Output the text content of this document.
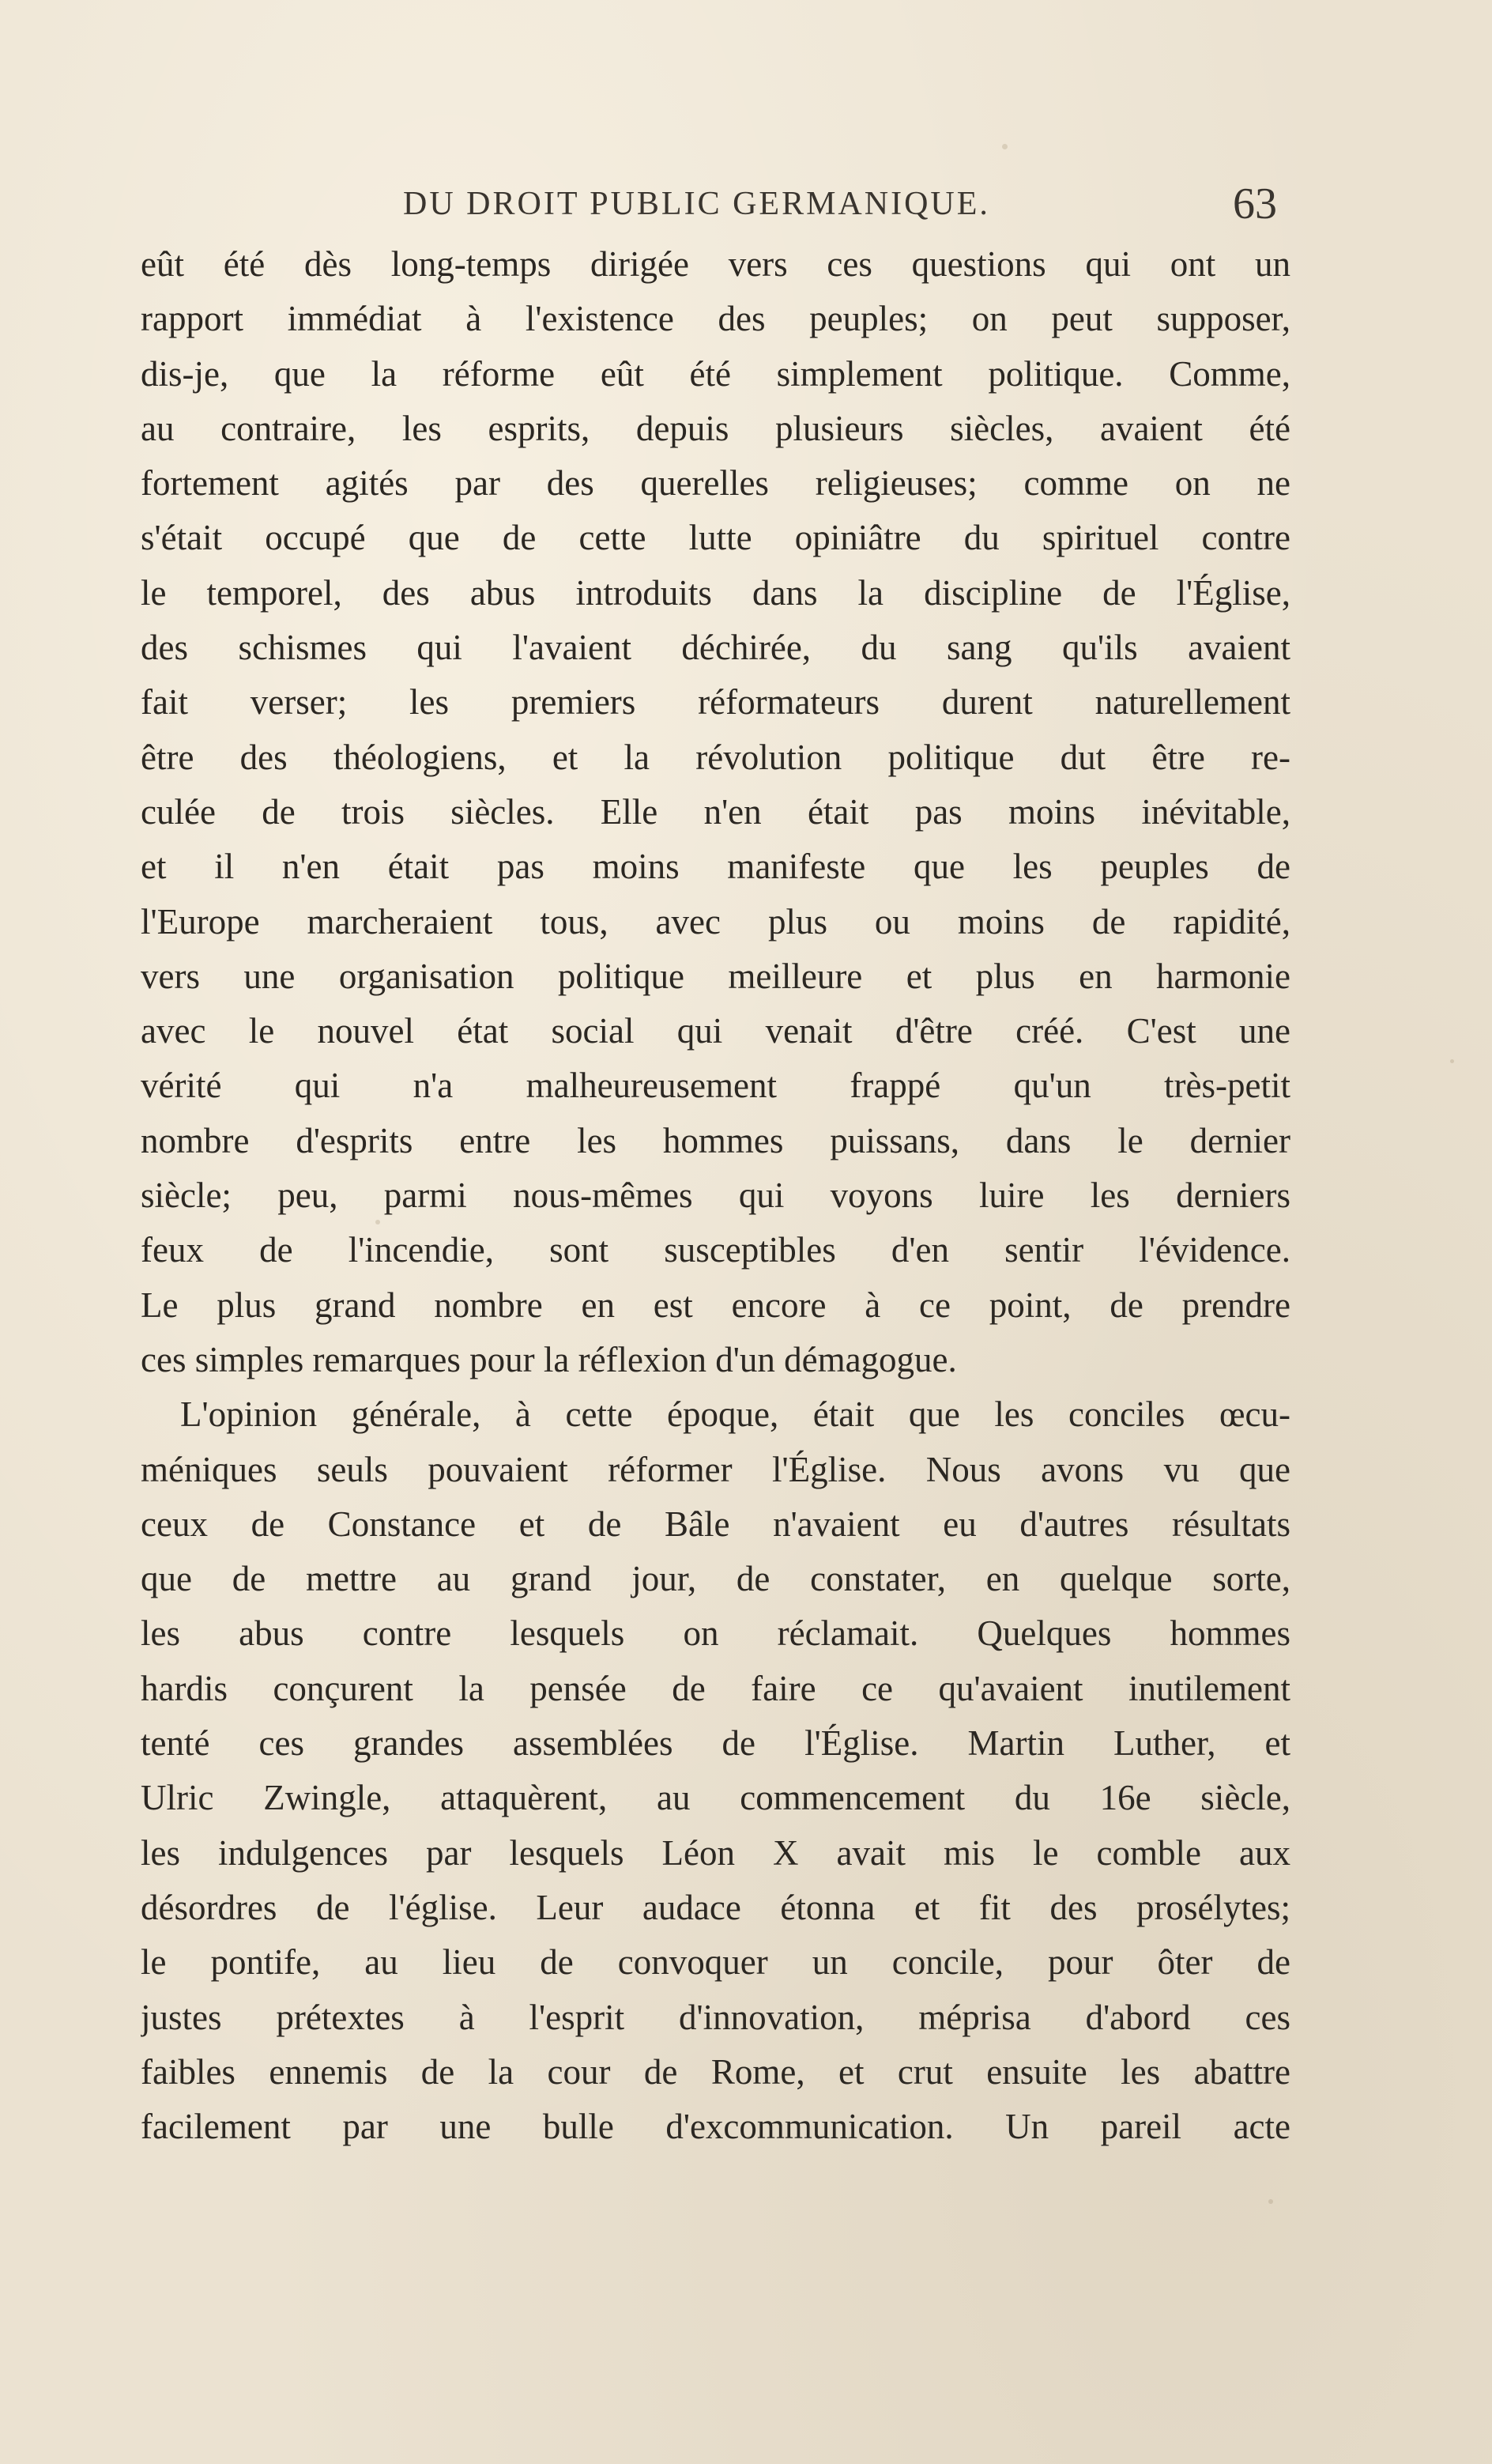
DU DROIT PUBLIC GERMANIQUE.	63
eût été dès long-temps dirigée vers ces questions qui ont un
rapport immédiat à l'existence des peuples; on peut supposer,
dis-je, que la réforme eût été simplement politique. Comme,
au contraire, les esprits, depuis plusieurs siècles, avaient été
fortement agités par des querelles religieuses; comme on ne
s'était occupé que de cette lutte opiniâtre du spirituel contre
le temporel, des abus introduits dans la discipline de l'Église,
des schismes qui l'avaient déchirée, du sang qu'ils avaient
fait verser; les premiers réformateurs durent naturellement
être des théologiens, et la révolution politique dut être re-
culée de trois siècles. Elle n'en était pas moins inévitable,
et il n'en était pas moins manifeste que les peuples de
l'Europe marcheraient tous, avec plus ou moins de rapidité,
vers une organisation politique meilleure et plus en harmonie
avec le nouvel état social qui venait d'être créé. C'est une
vérité qui n'a malheureusement frappé qu'un très-petit
nombre d'esprits entre les hommes puissans, dans le dernier
siècle; peu, parmi nous-mêmes qui voyons luire les derniers
feux de l'incendie, sont susceptibles d'en sentir l'évidence.
Le plus grand nombre en est encore à ce point, de prendre
ces simples remarques pour la réflexion d'un démagogue.
L'opinion générale, à cette époque, était que les conciles œcu-
méniques seuls pouvaient réformer l'Église. Nous avons vu que
ceux de Constance et de Bâle n'avaient eu d'autres résultats
que de mettre au grand jour, de constater, en quelque sorte,
les abus contre lesquels on réclamait. Quelques hommes
hardis conçurent la pensée de faire ce qu'avaient inutilement
tenté ces grandes assemblées de l'Église. Martin Luther, et
Ulric Zwingle, attaquèrent, au commencement du 16e siècle,
les indulgences par lesquels Léon X avait mis le comble aux
désordres de l'église. Leur audace étonna et fit des prosélytes;
le pontife, au lieu de convoquer un concile, pour ôter de
justes prétextes à l'esprit d'innovation, méprisa d'abord ces
faibles ennemis de la cour de Rome, et crut ensuite les abattre
facilement par une bulle d'excommunication. Un pareil acte
